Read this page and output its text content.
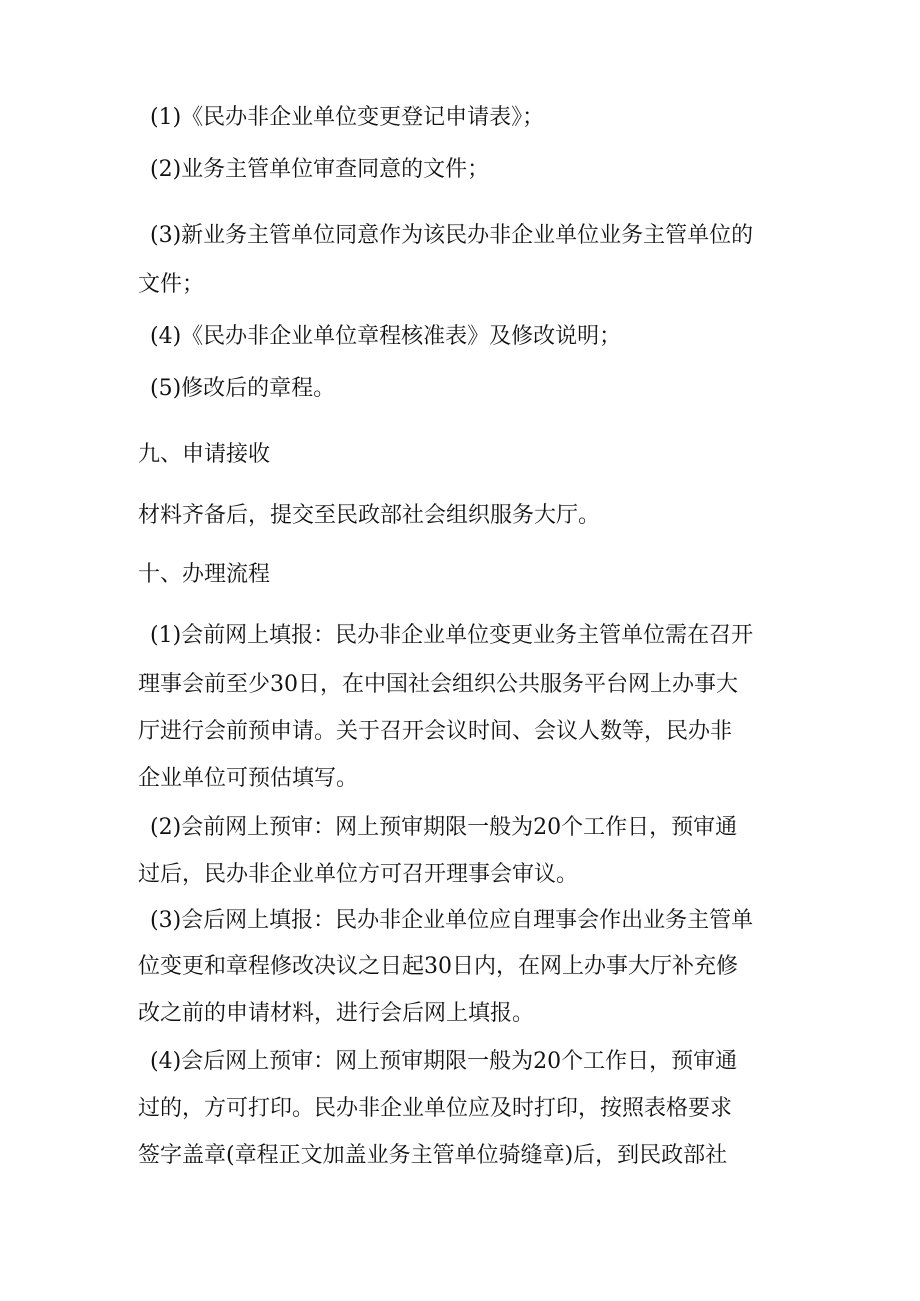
(1)《民办非企业单位变更登记申请表》；
(2)业务主管单位审查同意的文件；
(3)新业务主管单位同意作为该民办非企业单位业务主管单位的
文件；
(4)《民办非企业单位章程核准表》及修改说明；
(5)修改后的章程。
九、申请接收
材料齐备后，提交至民政部社会组织服务大厅。
十、办理流程
(1)会前网上填报：民办非企业单位变更业务主管单位需在召开
理事会前至少30日，在中国社会组织公共服务平台网上办事大
厅进行会前预申请。关于召开会议时间、会议人数等，民办非
企业单位可预估填写。
(2)会前网上预审：网上预审期限一般为20个工作日，预审通
过后，民办非企业单位方可召开理事会审议。
(3)会后网上填报：民办非企业单位应自理事会作出业务主管单
位变更和章程修改决议之日起30日内，在网上办事大厅补充修
改之前的申请材料，进行会后网上填报。
(4)会后网上预审：网上预审期限一般为20个工作日，预审通
过的，方可打印。民办非企业单位应及时打印，按照表格要求
签字盖章(章程正文加盖业务主管单位骑缝章)后，到民政部社
